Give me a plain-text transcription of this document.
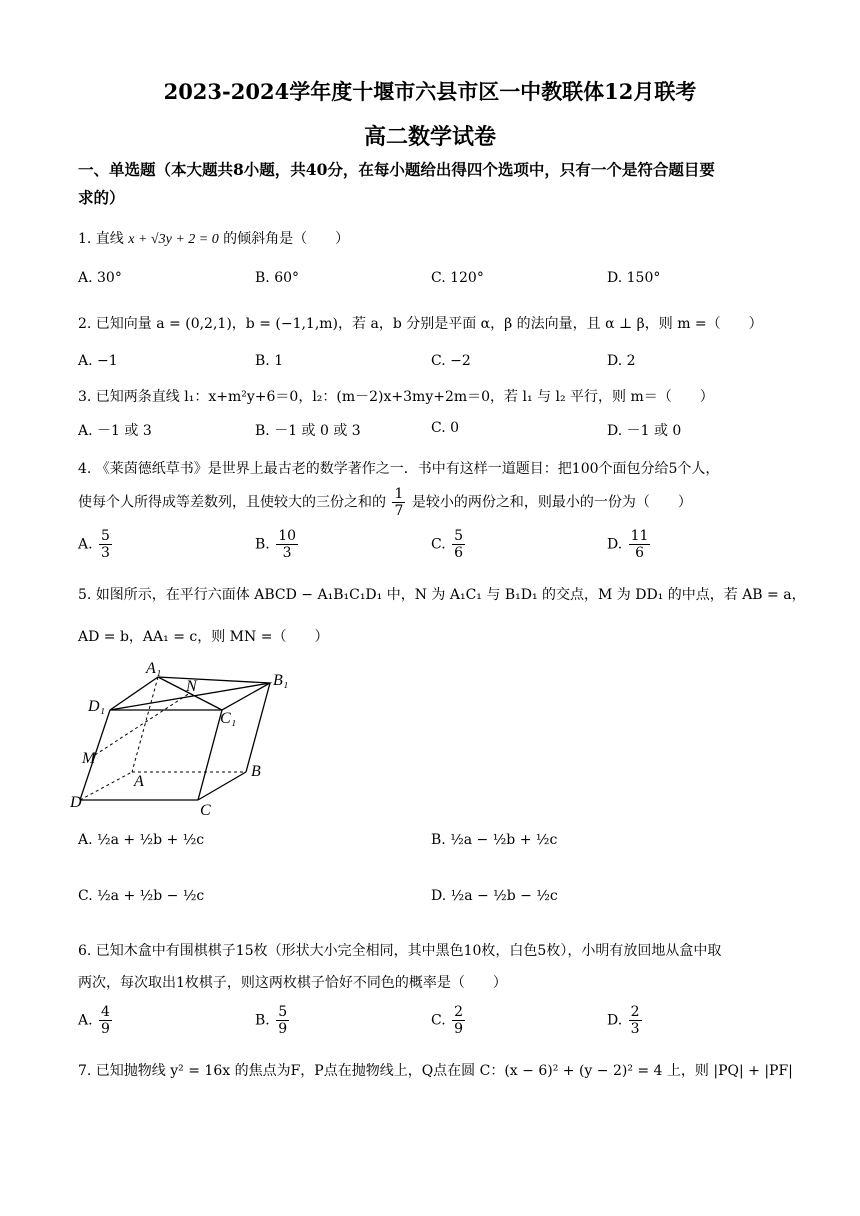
2023-2024学年度十堰市六县市区一中教联体12月联考
高二数学试卷
一、单选题（本大题共8小题，共40分，在每小题给出得四个选项中，只有一个是符合题目要
求的）
1. 直线 x + √3y + 2 = 0 的倾斜角是（　　）
A. 30°	B. 60°	C. 120°	D. 150°
2. 已知向量 a = (0,2,1)，b = (−1,1,m)，若 a，b 分别是平面 α，β 的法向量，且 α ⊥ β，则 m =（　　）
A. −1	B. 1	C. −2	D. 2
3. 已知两条直线 l₁：x+m²y+6＝0，l₂：(m－2)x+3my+2m＝0，若 l₁ 与 l₂ 平行，则 m＝（　　）
A. －1 或 3	B. －1 或 0 或 3	C. 0	D. －1 或 0
4. 《莱茵德纸草书》是世界上最古老的数学著作之一．书中有这样一道题目：把100个面包分给5个人，
使每个人所得成等差数列，且使较大的三份之和的 $\frac{1}{7}$ 是较小的两份之和，则最小的一份为（　　）
A. $\frac{5}{3}$	B. $\frac{10}{3}$	C. $\frac{5}{6}$	D. $\frac{11}{6}$
5. 如图所示，在平行六面体 ABCD − A₁B₁C₁D₁ 中，N 为 A₁C₁ 与 B₁D₁ 的交点，M 为 DD₁ 的中点，若 AB = a，
AD = b，AA₁ = c，则 MN =（　　）
A₁
N	B₁
D₁
C₁
M
A
B
D	C
A. ½a + ½b + ½c	B. ½a − ½b + ½c
C. ½a + ½b − ½c	D. ½a − ½b − ½c
6. 已知木盒中有围棋棋子15枚（形状大小完全相同，其中黑色10枚，白色5枚），小明有放回地从盒中取
两次，每次取出1枚棋子，则这两枚棋子恰好不同色的概率是（　　）
A. $\frac{4}{9}$	B. $\frac{5}{9}$	C. $\frac{2}{9}$	D. $\frac{2}{3}$
7. 已知抛物线 y² = 16x 的焦点为F，P点在抛物线上，Q点在圆 C：(x − 6)² + (y − 2)² = 4 上，则 |PQ| + |PF|
